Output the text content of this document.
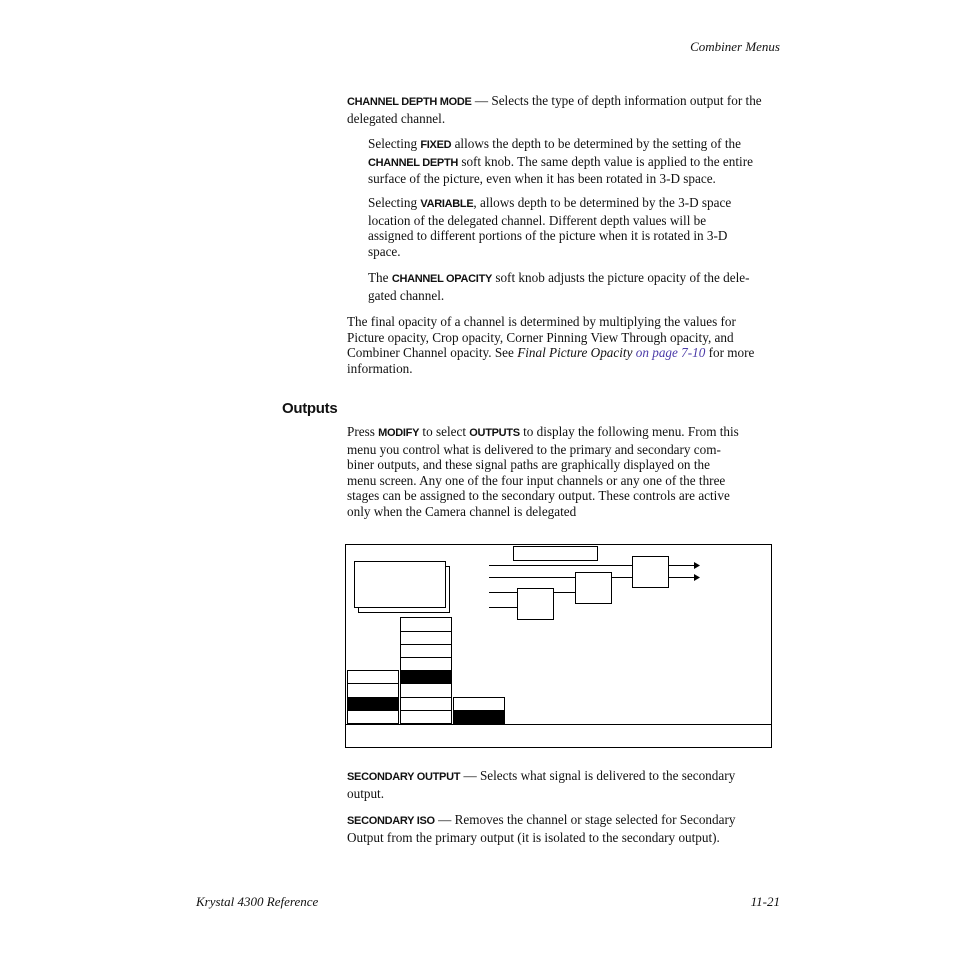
Combiner Menus
CHANNEL DEPTH MODE — Selects the type of depth information output for the
delegated channel.
Selecting FIXED allows the depth to be determined by the setting of the
CHANNEL DEPTH soft knob. The same depth value is applied to the entire
surface of the picture, even when it has been rotated in 3-D space.
Selecting VARIABLE, allows depth to be determined by the 3-D space
location of the delegated channel. Different depth values will be
assigned to different portions of the picture when it is rotated in 3-D
space.
The CHANNEL OPACITY soft knob adjusts the picture opacity of the dele-
gated channel.
The final opacity of a channel is determined by multiplying the values for
Picture opacity, Crop opacity, Corner Pinning View Through opacity, and
Combiner Channel opacity. See Final Picture Opacity on page 7-10 for more
information.
Outputs
Press MODIFY to select OUTPUTS to display the following menu. From this
menu you control what is delivered to the primary and secondary com-
biner outputs, and these signal paths are graphically displayed on the
menu screen. Any one of the four input channels or any one of the three
stages can be assigned to the secondary output. These controls are active
only when the Camera channel is delegated
SECONDARY OUTPUT — Selects what signal is delivered to the secondary
output.
SECONDARY ISO — Removes the channel or stage selected for Secondary
Output from the primary output (it is isolated to the secondary output).
Krystal 4300 Reference	11-21
